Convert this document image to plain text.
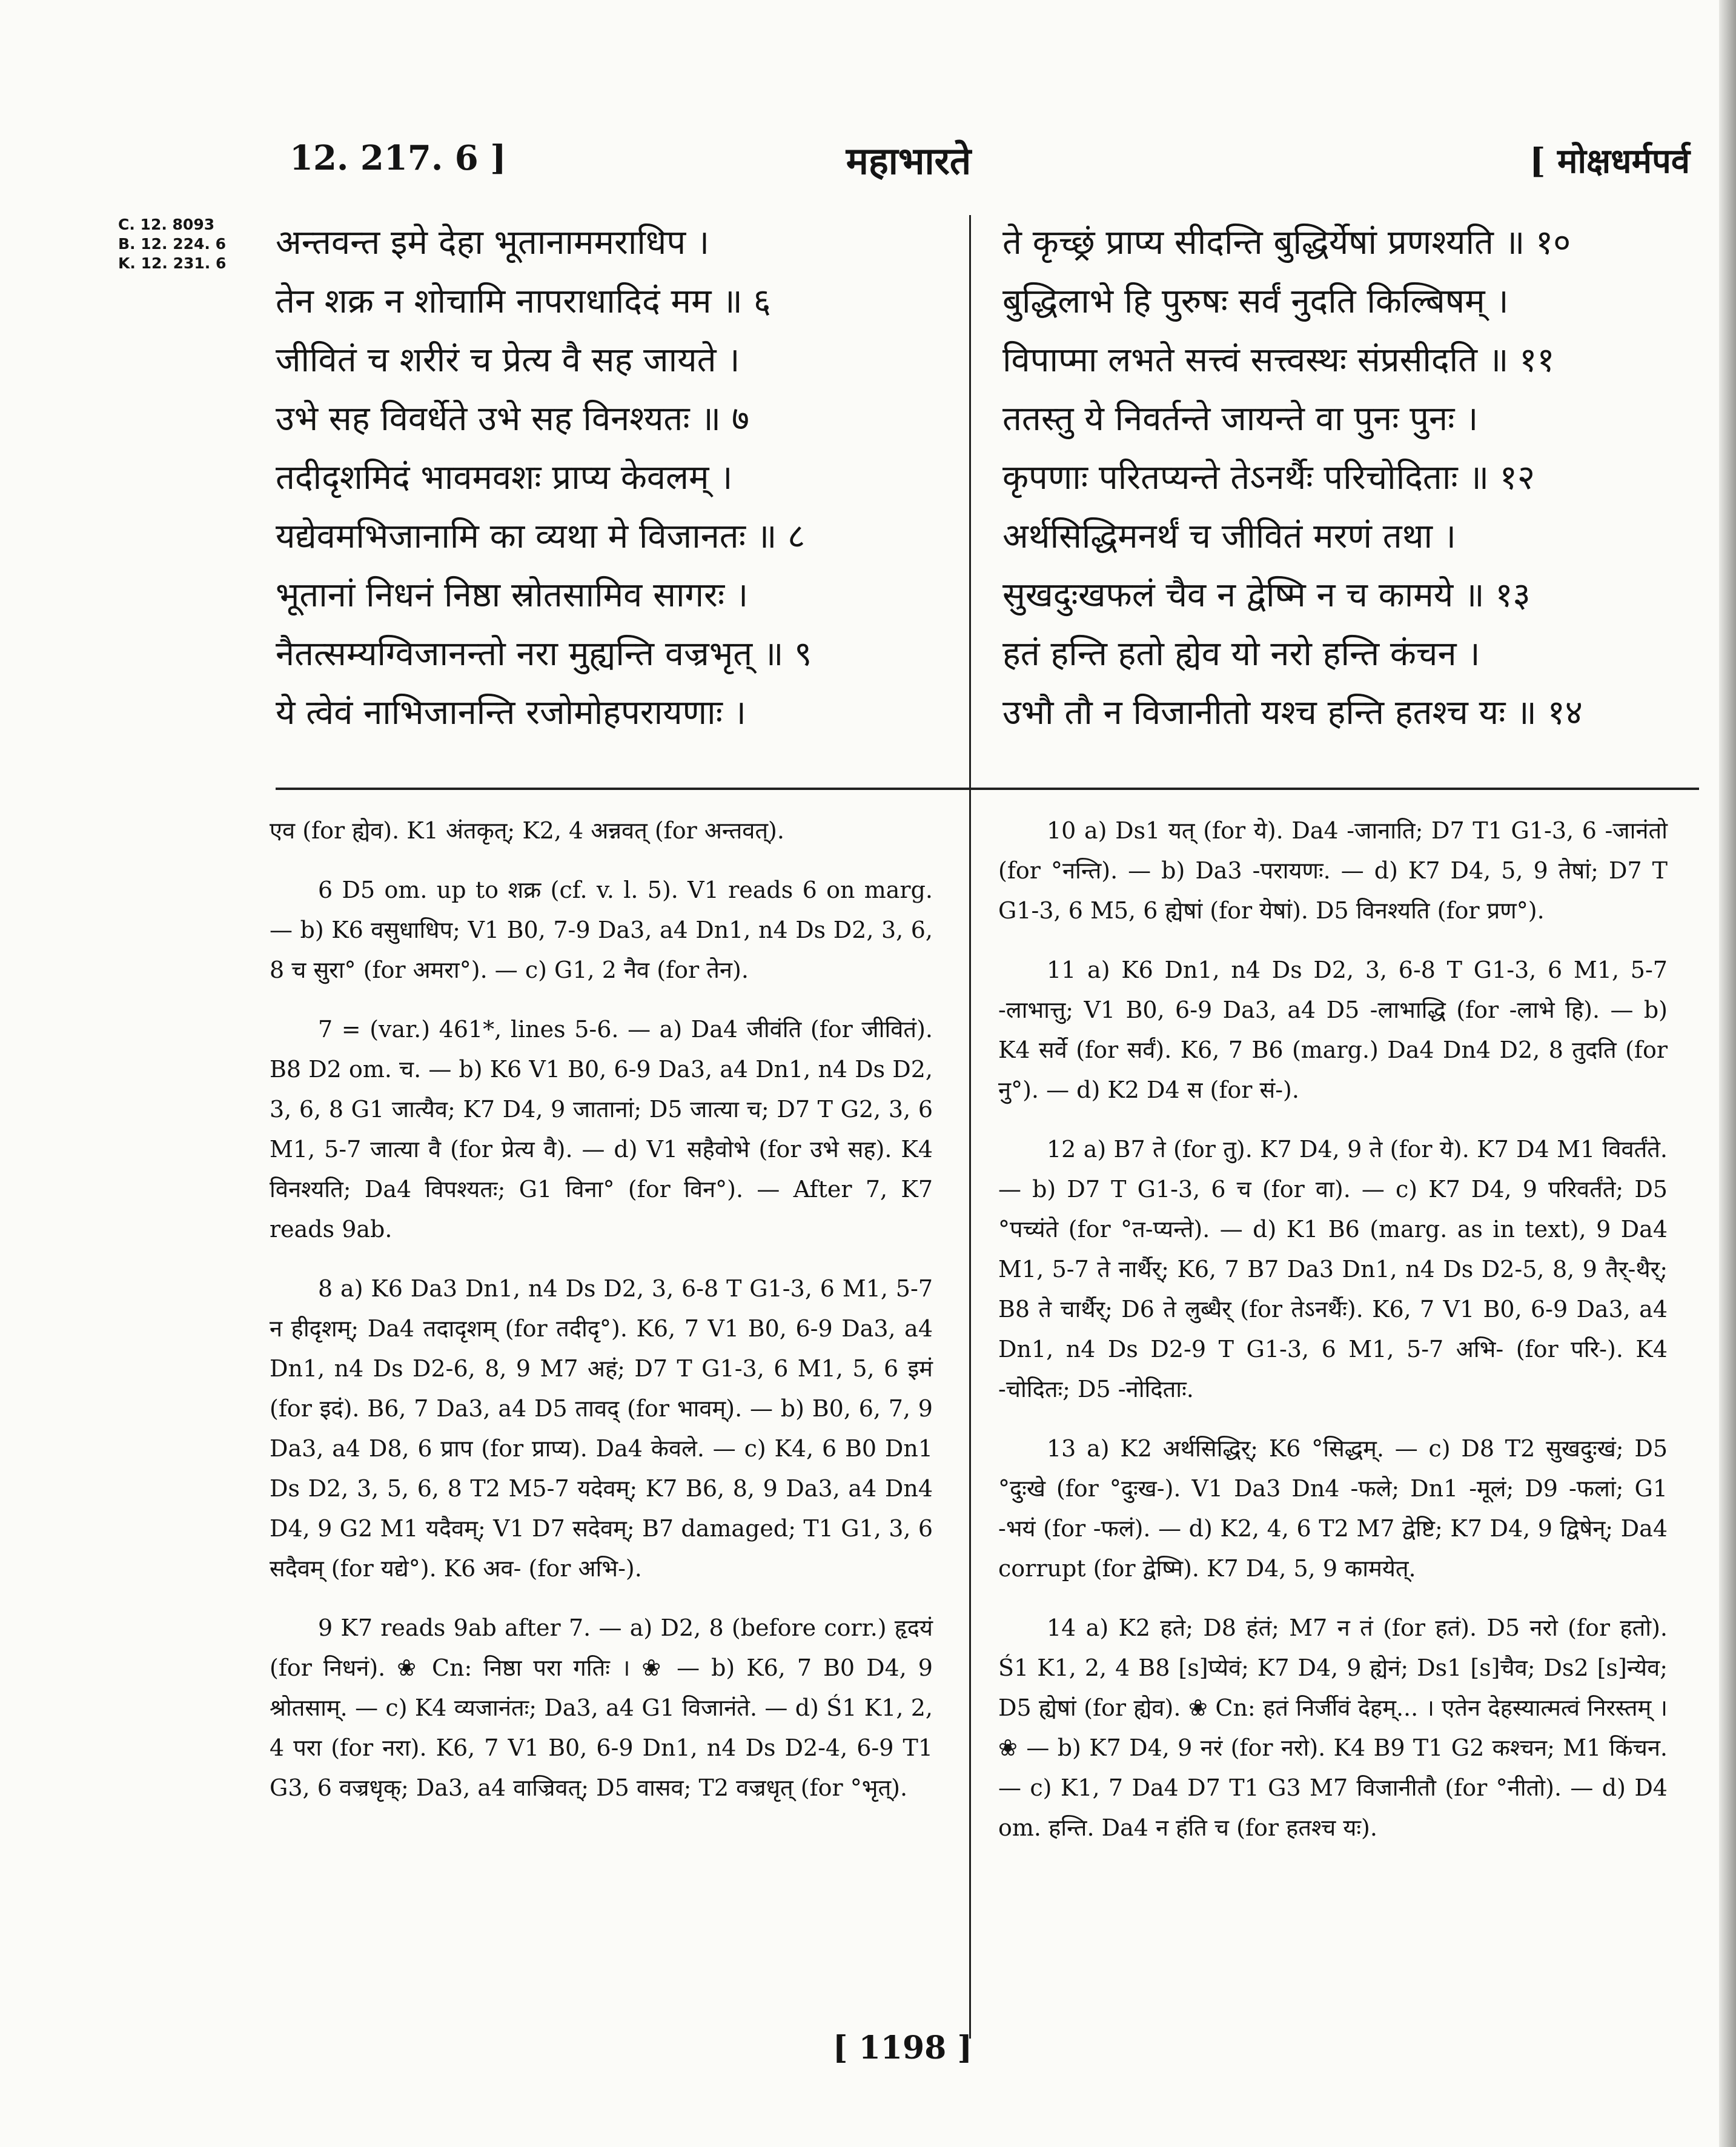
12. 217. 6 ]	महाभारते	[ मोक्षधर्मपर्व
C. 12. 8093
B. 12. 224. 6
K. 12. 231. 6
अन्तवन्त इमे देहा भूतानाममराधिप ।
तेन शक्र न शोचामि नापराधादिदं मम ॥ ६
जीवितं च शरीरं च प्रेत्य वै सह जायते ।
उभे सह विवर्धेते उभे सह विनश्यतः ॥ ७
तदीदृशमिदं भावमवशः प्राप्य केवलम् ।
यद्येवमभिजानामि का व्यथा मे विजानतः ॥ ८
भूतानां निधनं निष्ठा स्रोतसामिव सागरः ।
नैतत्सम्यग्विजानन्तो नरा मुह्यन्ति वज्रभृत् ॥ ९
ये त्वेवं नाभिजानन्ति रजोमोहपरायणाः ।
ते कृच्छ्रं प्राप्य सीदन्ति बुद्धिर्येषां प्रणश्यति ॥ १०
बुद्धिलाभे हि पुरुषः सर्वं नुदति किल्बिषम् ।
विपाप्मा लभते सत्त्वं सत्त्वस्थः संप्रसीदति ॥ ११
ततस्तु ये निवर्तन्ते जायन्ते वा पुनः पुनः ।
कृपणाः परितप्यन्ते तेऽनर्थैः परिचोदिताः ॥ १२
अर्थसिद्धिमनर्थं च जीवितं मरणं तथा ।
सुखदुःखफलं चैव न द्वेष्मि न च कामये ॥ १३
हतं हन्ति हतो ह्येव यो नरो हन्ति कंचन ।
उभौ तौ न विजानीतो यश्च हन्ति हतश्च यः ॥ १४

एव (for ह्येव). K1 अंतकृत्; K2, 4 अन्नवत् (for अन्तवत्).

6 D5 om. up to शक्र (cf. v. l. 5). V1 reads 6 on marg. — b) K6 वसुधाधिप; V1 B0, 7-9 Da3, a4 Dn1, n4 Ds D2, 3, 6, 8 च सुरा° (for अमरा°). — c) G1, 2 नैव (for तेन).

7 = (var.) 461*, lines 5-6. — a) Da4 जीवंति (for जीवितं). B8 D2 om. च. — b) K6 V1 B0, 6-9 Da3, a4 Dn1, n4 Ds D2, 3, 6, 8 G1 जात्यैव; K7 D4, 9 जातानां; D5 जात्या च; D7 T G2, 3, 6 M1, 5-7 जात्या वै (for प्रेत्य वै). — d) V1 सहैवोभे (for उभे सह). K4 विनश्यति; Da4 विपश्यतः; G1 विना° (for विन°). — After 7, K7 reads 9ab.

8 a) K6 Da3 Dn1, n4 Ds D2, 3, 6-8 T G1-3, 6 M1, 5-7 न हीदृशम्; Da4 तदादृशम् (for तदीदृ°). K6, 7 V1 B0, 6-9 Da3, a4 Dn1, n4 Ds D2-6, 8, 9 M7 अहं; D7 T G1-3, 6 M1, 5, 6 इमं (for इदं). B6, 7 Da3, a4 D5 तावद् (for भावम्). — b) B0, 6, 7, 9 Da3, a4 D8, 6 प्राप (for प्राप्य). Da4 केवले. — c) K4, 6 B0 Dn1 Ds D2, 3, 5, 6, 8 T2 M5-7 यदेवम्; K7 B6, 8, 9 Da3, a4 Dn4 D4, 9 G2 M1 यदैवम्; V1 D7 सदेवम्; B7 damaged; T1 G1, 3, 6 सदैवम् (for यद्ये°). K6 अव- (for अभि-).

9 K7 reads 9ab after 7. — a) D2, 8 (before corr.) हृदयं (for निधनं). ❀ Cn: निष्ठा परा गतिः । ❀ — b) K6, 7 B0 D4, 9 श्रोतसाम्. — c) K4 व्यजानंतः; Da3, a4 G1 विजानंते. — d) Ś1 K1, 2, 4 परा (for नरा). K6, 7 V1 B0, 6-9 Dn1, n4 Ds D2-4, 6-9 T1 G3, 6 वज्रधृक्; Da3, a4 वाज्रिवत्; D5 वासव; T2 वज्रधृत् (for °भृत्).

10 a) Ds1 यत् (for ये). Da4 -जानाति; D7 T1 G1-3, 6 -जानंतो (for °नन्ति). — b) Da3 -परायणः. — d) K7 D4, 5, 9 तेषां; D7 T G1-3, 6 M5, 6 ह्येषां (for येषां). D5 विनश्यति (for प्रण°).

11 a) K6 Dn1, n4 Ds D2, 3, 6-8 T G1-3, 6 M1, 5-7 -लाभात्तु; V1 B0, 6-9 Da3, a4 D5 -लाभाद्धि (for -लाभे हि). — b) K4 सर्वे (for सर्वं). K6, 7 B6 (marg.) Da4 Dn4 D2, 8 तुदति (for नु°). — d) K2 D4 स (for सं-).

12 a) B7 ते (for तु). K7 D4, 9 ते (for ये). K7 D4 M1 विवर्तंते. — b) D7 T G1-3, 6 च (for वा). — c) K7 D4, 9 परिवर्तंते; D5 °पच्यंते (for °त-प्यन्ते). — d) K1 B6 (marg. as in text), 9 Da4 M1, 5-7 ते नार्थैर्; K6, 7 B7 Da3 Dn1, n4 Ds D2-5, 8, 9 तैर्-थैर्; B8 ते चार्थैर्; D6 ते लुब्धैर् (for तेऽनर्थैः). K6, 7 V1 B0, 6-9 Da3, a4 Dn1, n4 Ds D2-9 T G1-3, 6 M1, 5-7 अभि- (for परि-). K4 -चोदितः; D5 -नोदिताः.

13 a) K2 अर्थसिद्धिर्; K6 °सिद्धम्. — c) D8 T2 सुखदुःखं; D5 °दुःखे (for °दुःख-). V1 Da3 Dn4 -फले; Dn1 -मूलं; D9 -फलां; G1 -भयं (for -फलं). — d) K2, 4, 6 T2 M7 द्वेष्टि; K7 D4, 9 द्विषेन्; Da4 corrupt (for द्वेष्मि). K7 D4, 5, 9 कामयेत्.

14 a) K2 हते; D8 हंतं; M7 न तं (for हतं). D5 नरो (for हतो). Ś1 K1, 2, 4 B8 [s]प्येवं; K7 D4, 9 ह्येनं; Ds1 [s]चैव; Ds2 [s]न्येव; D5 ह्येषां (for ह्येव). ❀ Cn: हतं निर्जीवं देहम्... । एतेन देहस्यात्मत्वं निरस्तम् । ❀ — b) K7 D4, 9 नरं (for नरो). K4 B9 T1 G2 कश्चन; M1 किंचन. — c) K1, 7 Da4 D7 T1 G3 M7 विजानीतौ (for °नीतो). — d) D4 om. हन्ति. Da4 न हंति च (for हतश्च यः).

[ 1198 ]
